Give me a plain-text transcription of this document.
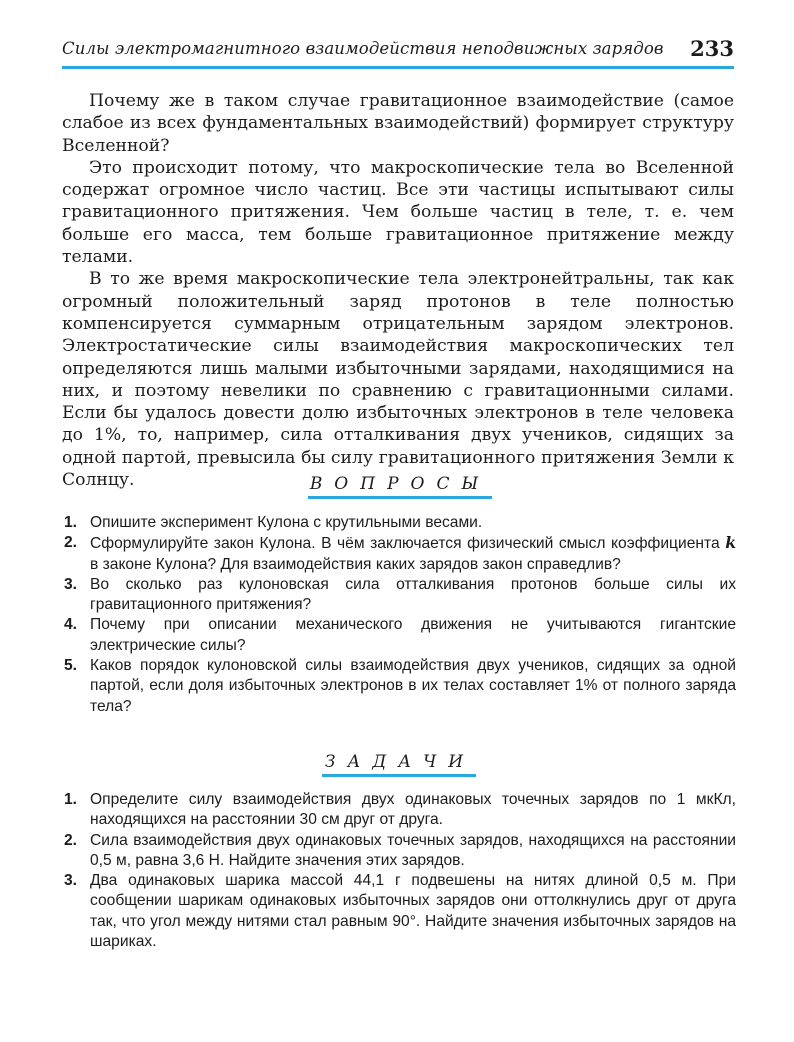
Силы электромагнитного взаимодействия неподвижных зарядов 233

Почему же в таком случае гравитационное взаимодействие (самое слабое из всех фундаментальных взаимодействий) формирует структуру Вселенной?

Это происходит потому, что макроскопические тела во Вселенной содержат огромное число частиц. Все эти частицы испытывают силы гравитационного притяжения. Чем больше частиц в теле, т. е. чем больше его масса, тем больше гравитационное притяжение между телами.

В то же время макроскопические тела электронейтральны, так как огромный положительный заряд протонов в теле полностью компенсируется суммарным отрицательным зарядом электронов. Электростатические силы взаимодействия макроскопических тел определяются лишь малыми избыточными зарядами, находящимися на них, и поэтому невелики по сравнению с гравитационными силами. Если бы удалось довести долю избыточных электронов в теле человека до 1%, то, например, сила отталкивания двух учеников, сидящих за одной партой, превысила бы силу гравитационного притяжения Земли к Солнцу.	ВОПРОСЫ
1. Опишите эксперимент Кулона с крутильными весами.
2. Сформулируйте закон Кулона. В чём заключается физический смысл коэффициента k в законе Кулона? Для взаимодействия каких зарядов закон справедлив?
3. Во сколько раз кулоновская сила отталкивания протонов больше силы их гравитационного притяжения?
4. Почему при описании механического движения не учитываются гигантские электрические силы?
5. Каков порядок кулоновской силы взаимодействия двух учеников, сидящих за одной партой, если доля избыточных электронов в их телах составляет 1% от полного заряда тела?
ЗАДАЧИ
1. Определите силу взаимодействия двух одинаковых точечных зарядов по 1 мкКл, находящихся на расстоянии 30 см друг от друга.
2. Сила взаимодействия двух одинаковых точечных зарядов, находящихся на расстоянии 0,5 м, равна 3,6 Н. Найдите значения этих зарядов.
3. Два одинаковых шарика массой 44,1 г подвешены на нитях длиной 0,5 м. При сообщении шарикам одинаковых избыточных зарядов они оттолкнулись друг от друга так, что угол между нитями стал равным 90°. Найдите значения избыточных зарядов на шариках.
